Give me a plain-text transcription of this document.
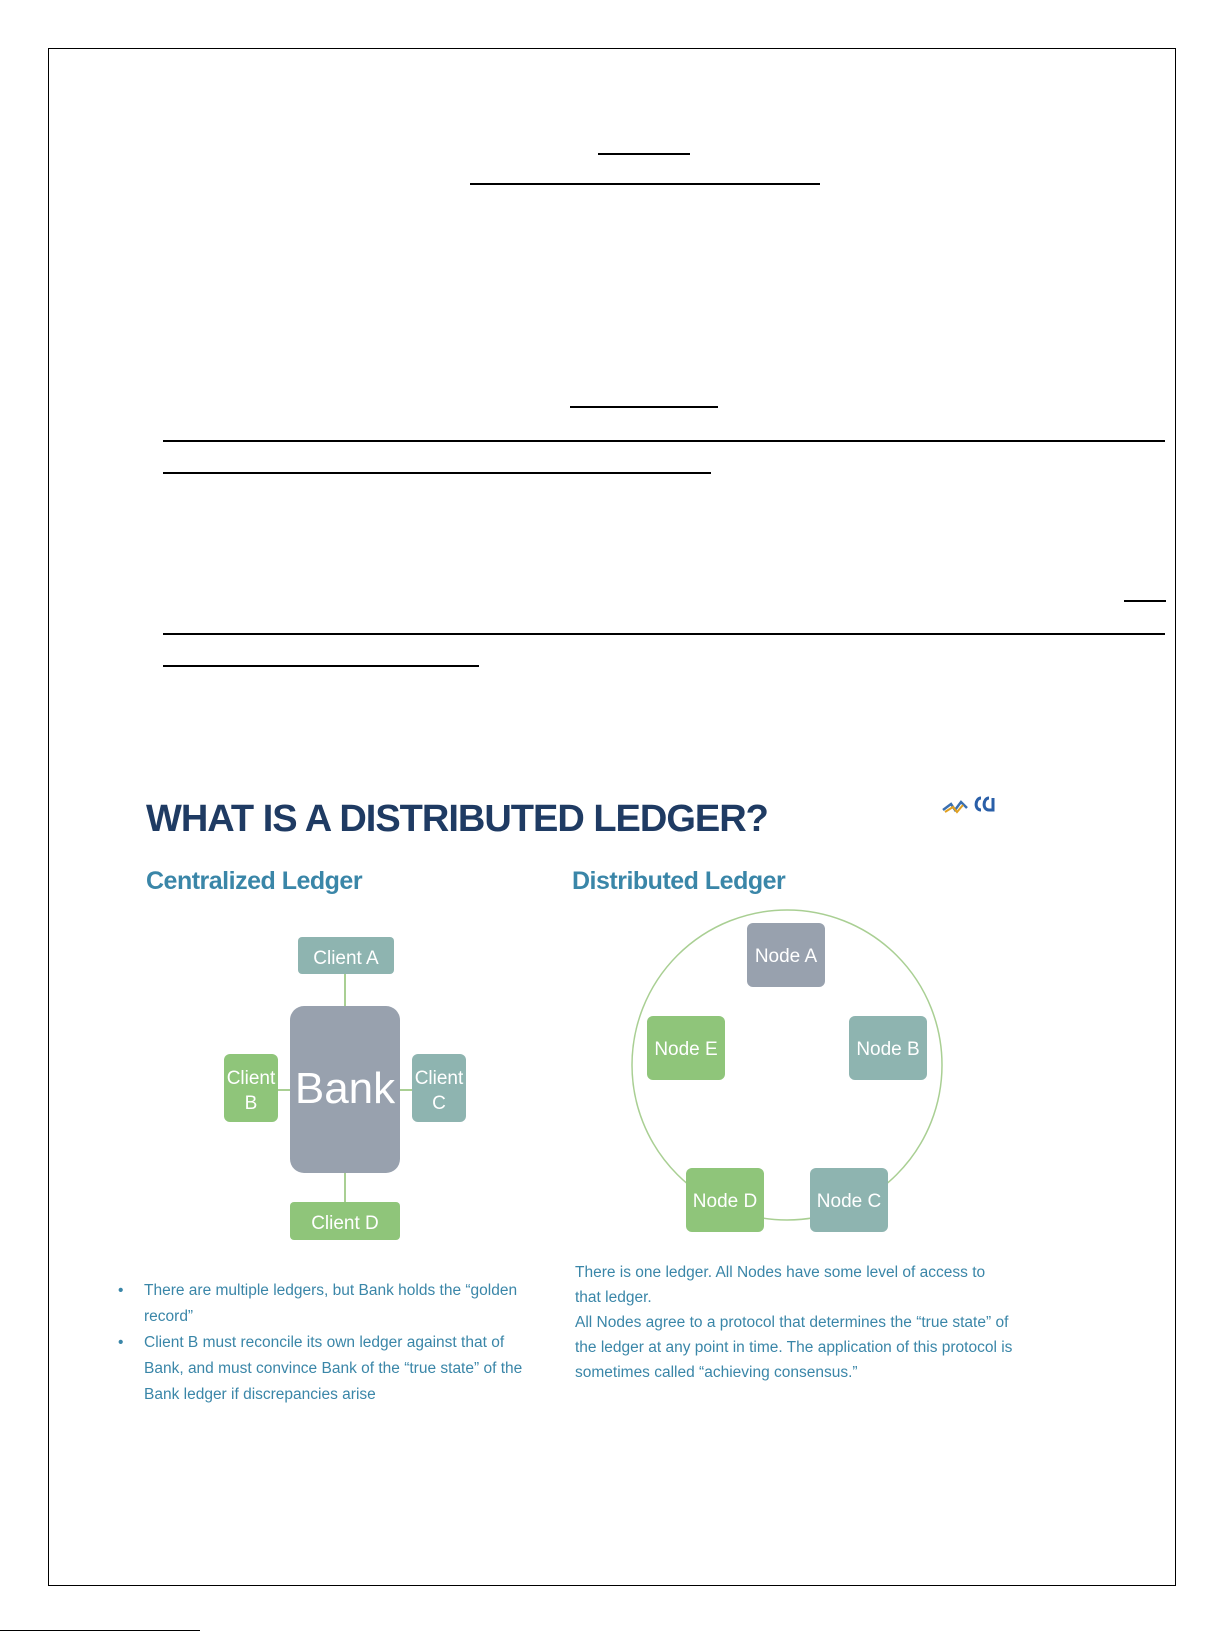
WHAT IS A DISTRIBUTED LEDGER?
Centralized Ledger	Distributed Ledger
Bank
Client A
Client
B
Client
C
Client D
Node A
Node B
Node C
Node D
Node E
• There are multiple ledgers, but Bank holds the “golden record”
• Client B must reconcile its own ledger against that of Bank, and must convince Bank of the “true state” of the Bank ledger if discrepancies arise

There is one ledger. All Nodes have some level of access to that ledger.

All Nodes agree to a protocol that determines the “true state” of the ledger at any point in time. The application of this protocol is sometimes called “achieving consensus.”
